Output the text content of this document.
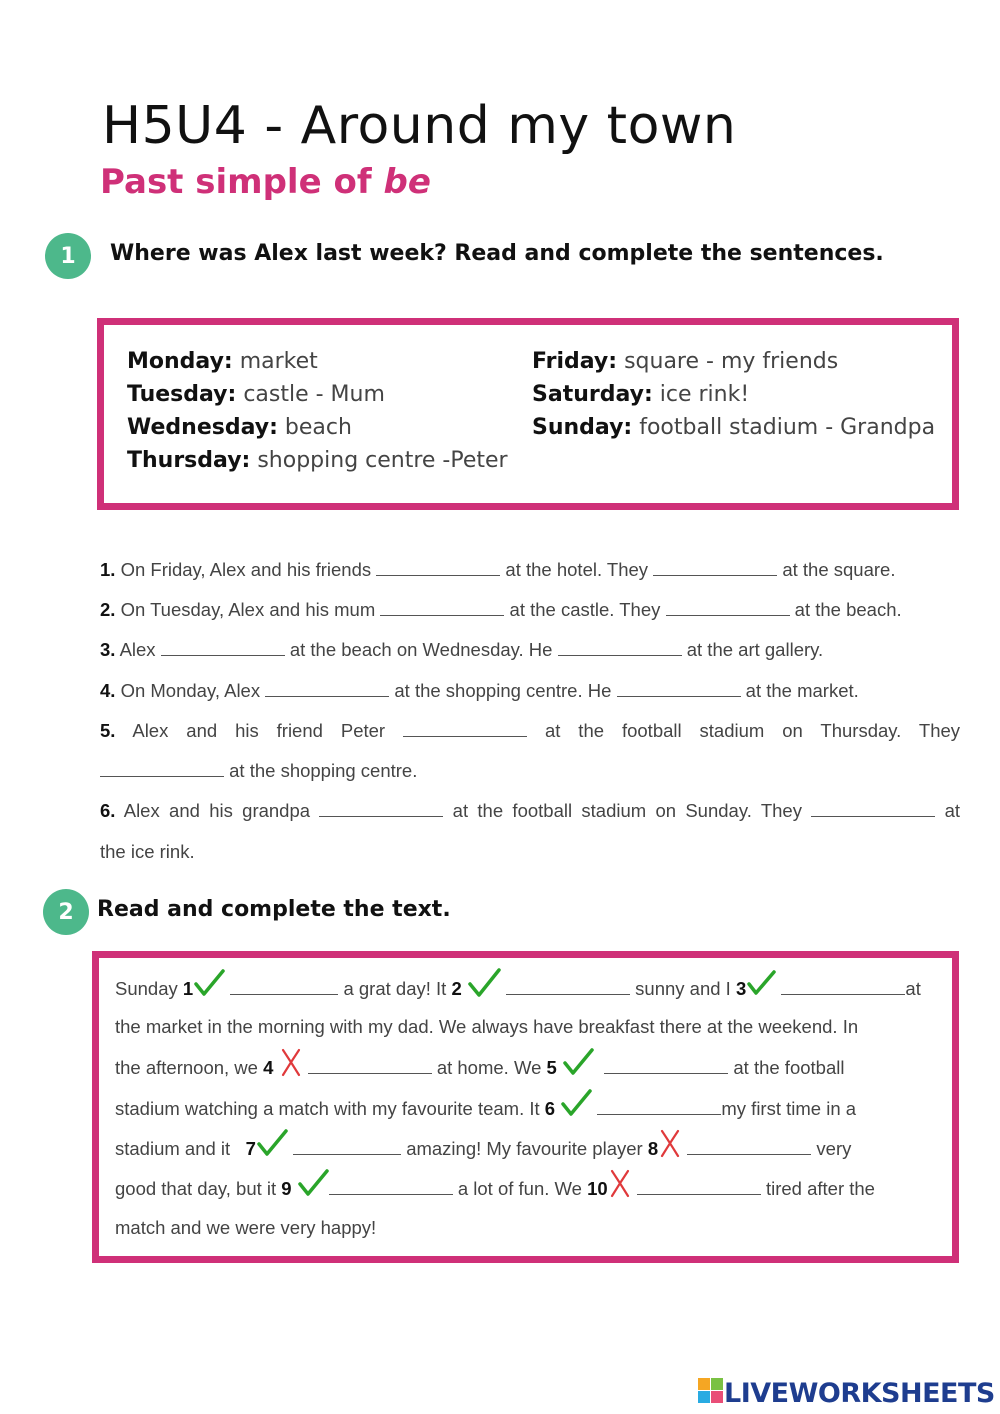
H5U4 - Around my town
Past simple of be
1	Where was Alex last week? Read and complete the sentences.

Monday: market
Tuesday: castle - Mum
Wednesday: beach
Thursday: shopping centre -Peter
Friday: square - my friends
Saturday: ice rink!
Sunday: football stadium - Grandpa
1. On Friday, Alex and his friends	at the hotel. They	at the square.
2. On Tuesday, Alex and his mum	at the castle. They	at the beach.
3. Alex	at the beach on Wednesday. He	at the art gallery.
4. On Monday, Alex	at the shopping centre. He	at the market.
5. Alex and his friend Peter	at the football stadium on Thursday. They
at the shopping centre.
6. Alex and his grandpa	at the football stadium on Sunday. They	at
the ice rink.
2	Read and complete the text.

Sunday 1	a grat day! It 2	sunny and I 3	at
the market in the morning with my dad. We always have breakfast there at the weekend. In
the afternoon, we 4	at home. We 5	at the football
stadium watching a match with my favourite team. It 6	my first time in a
stadium and it   7	amazing! My favourite player 8	very
good that day, but it 9	a lot of fun. We 10	tired after the
match and we were very happy!
LIVEWORKSHEETS
